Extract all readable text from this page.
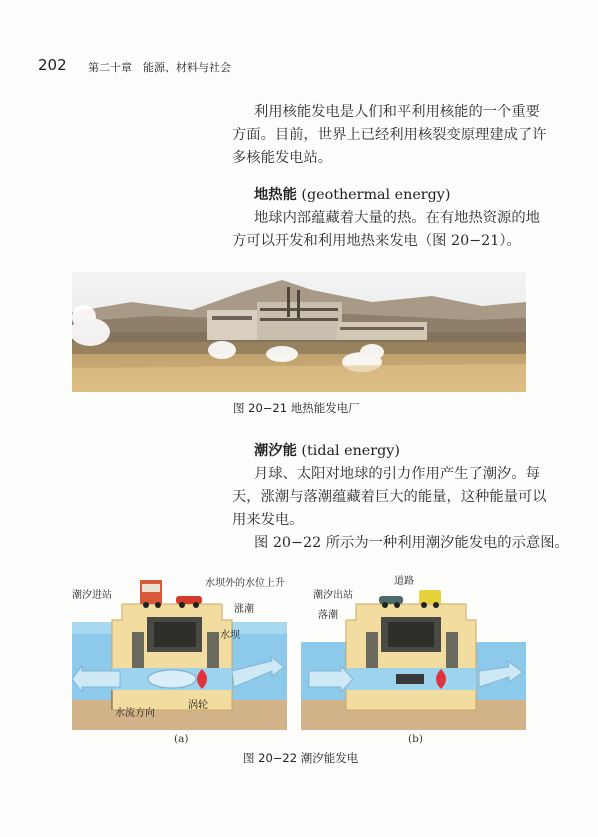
202 第二十章　能源、材料与社会

利用核能发电是人们和平利用核能的一个重要

方面。目前，世界上已经利用核裂变原理建成了许

多核能发电站。

地热能 (geothermal energy)

地球内部蕴藏着大量的热。在有地热资源的地

方可以开发和利用地热来发电（图 20−21）。

图 20−21 地热能发电厂
潮汐能 (tidal energy)

月球、太阳对地球的引力作用产生了潮汐。每

天，涨潮与落潮蕴藏着巨大的能量，这种能量可以

用来发电。

图 20−22 所示为一种利用潮汐能发电的示意图。

潮汐进站
水坝外的水位上升
涨潮
水坝
涡轮
水流方向
(a)
道路
潮汐出站
落潮
(b)
图 20−22 潮汐能发电
